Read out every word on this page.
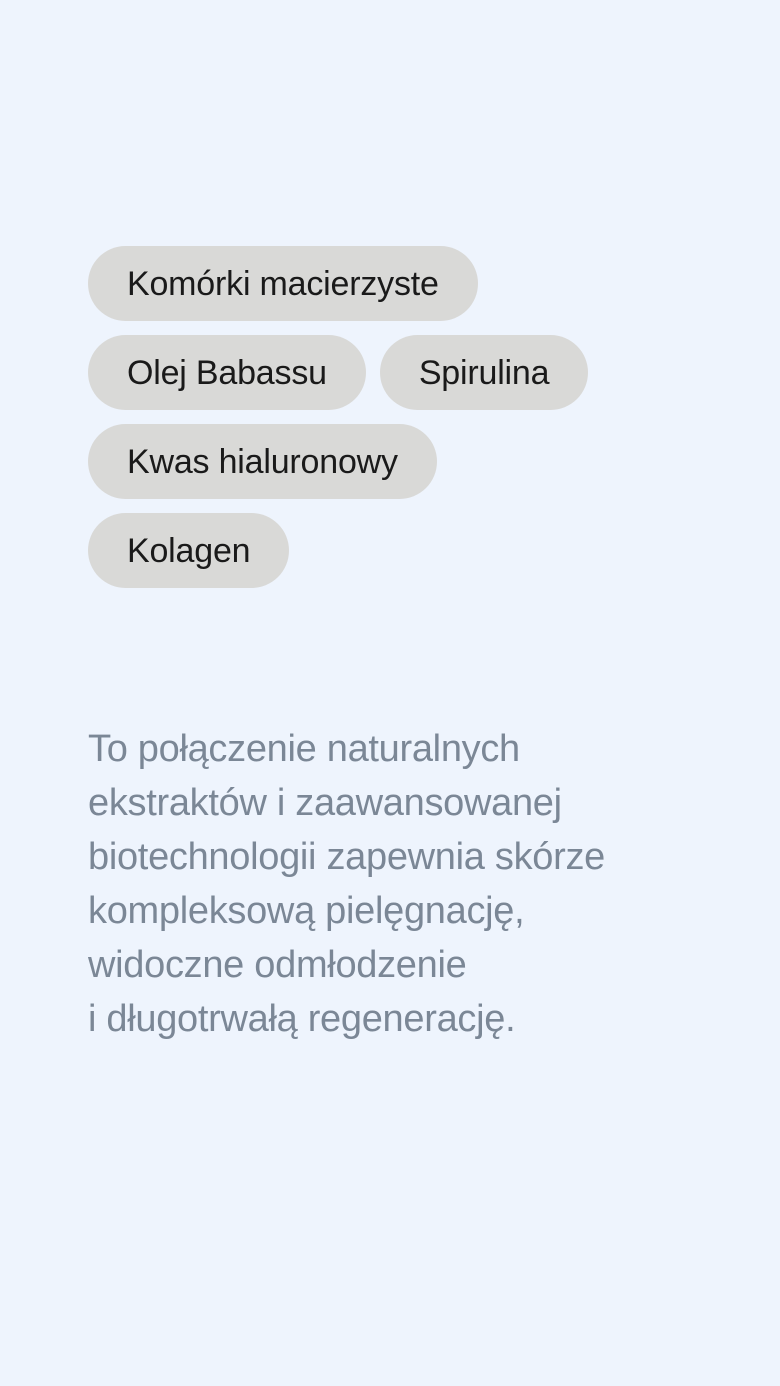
Komórki macierzyste
Olej Babassu	Spirulina
Kwas hialuronowy
Kolagen
To połączenie naturalnych
ekstraktów i zaawansowanej
biotechnologii zapewnia skórze
kompleksową pielęgnację,
widoczne odmłodzenie
i długotrwałą regenerację.
